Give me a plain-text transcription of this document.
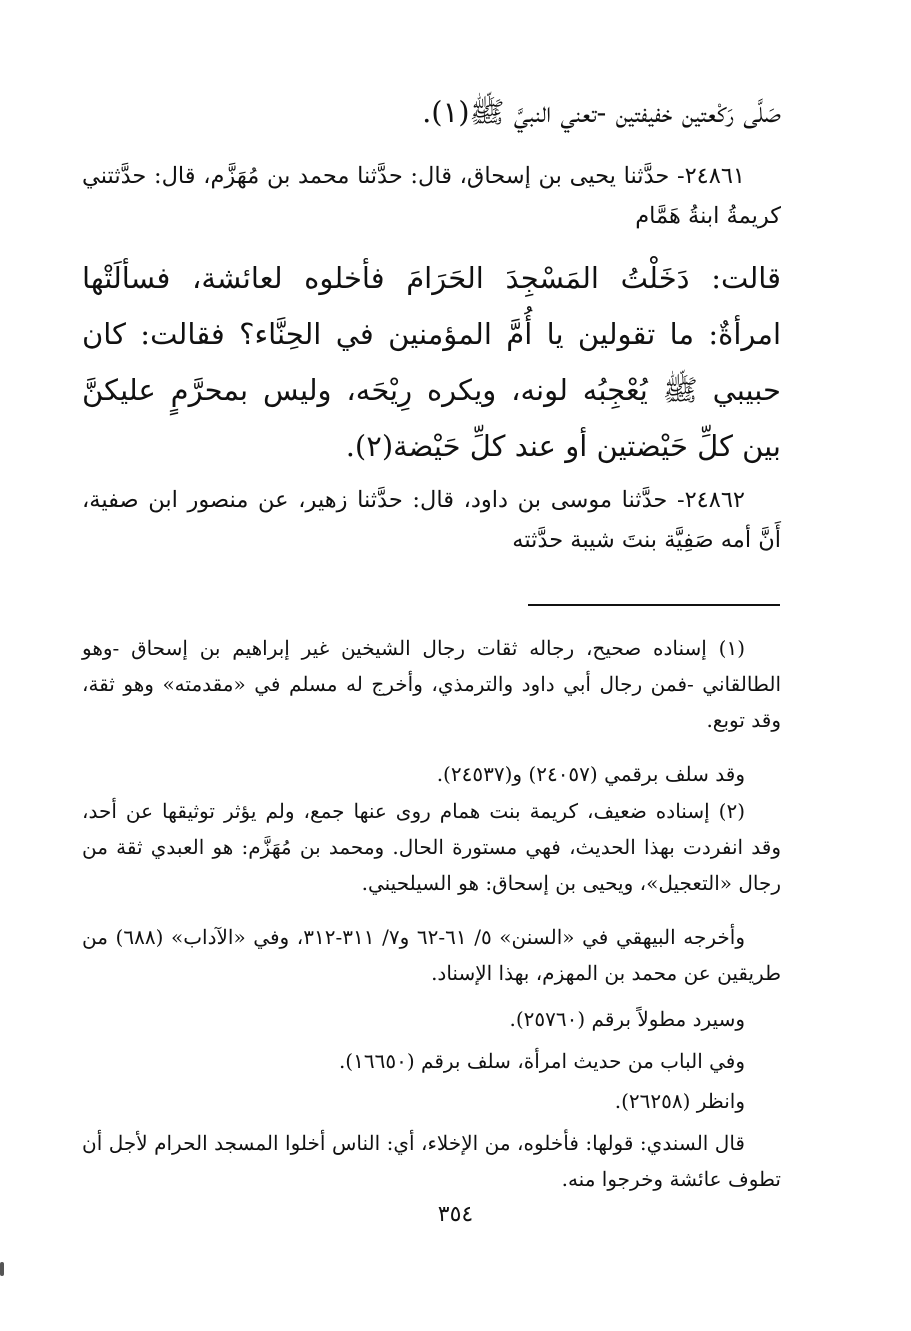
صَلَّى رَكْعتين خفيفتين -تعني النبيَّ ﷺ(١).
٢٤٨٦١- حدَّثنا يحيى بن إسحاق، قال: حدَّثنا محمد بن مُهَزَّم، قال: حدَّثتني كريمةُ ابنةُ هَمَّام
قالت: دَخَلْتُ المَسْجِدَ الحَرَامَ فأخلوه لعائشة، فسألَتْها امرأةٌ: ما تقولين يا أُمَّ المؤمنين في الحِنَّاء؟ فقالت: كان حبيبي ﷺ يُعْجِبُه لونه، ويكره رِيْحَه، وليس بمحرَّمٍ عليكنَّ بين كلِّ حَيْضتين أو عند كلِّ حَيْضة(٢).
٢٤٨٦٢- حدَّثنا موسى بن داود، قال: حدَّثنا زهير، عن منصور ابن صفية، أَنَّ أمه صَفِيَّة بنتَ شيبة حدَّثته
(١) إسناده صحيح، رجاله ثقات رجال الشيخين غير إبراهيم بن إسحاق -وهو الطالقاني -فمن رجال أبي داود والترمذي، وأخرج له مسلم في «مقدمته» وهو ثقة، وقد توبع.
وقد سلف برقمي (٢٤٠٥٧) و(٢٤٥٣٧).
(٢) إسناده ضعيف، كريمة بنت همام روى عنها جمع، ولم يؤثر توثيقها عن أحد، وقد انفردت بهذا الحديث، فهي مستورة الحال. ومحمد بن مُهَزَّم: هو العبدي ثقة من رجال «التعجيل»، ويحيى بن إسحاق: هو السيلحيني.
وأخرجه البيهقي في «السنن» ٥/ ٦١-٦٢ و٧/ ٣١١-٣١٢، وفي «الآداب» (٦٨٨) من طريقين عن محمد بن المهزم، بهذا الإسناد.
وسيرد مطولاً برقم (٢٥٧٦٠).
وفي الباب من حديث امرأة، سلف برقم (١٦٦٥٠).
وانظر (٢٦٢٥٨).
قال السندي: قولها: فأخلوه، من الإخلاء، أي: الناس أخلوا المسجد الحرام لأجل أن تطوف عائشة وخرجوا منه.
٣٥٤
